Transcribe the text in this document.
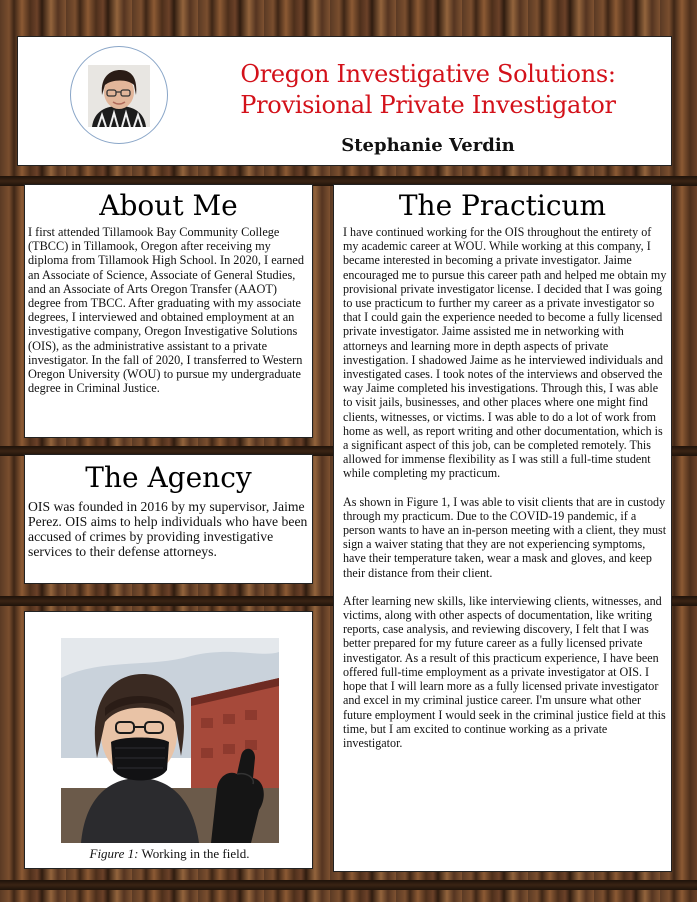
Oregon Investigative Solutions:
Provisional Private Investigator
Stephanie Verdin
About Me

I first attended Tillamook Bay Community College (TBCC) in Tillamook, Oregon after receiving my diploma from Tillamook High School. In 2020, I earned an Associate of Science, Associate of General Studies, and an Associate of Arts Oregon Transfer (AAOT) degree from TBCC. After graduating with my associate degrees, I interviewed and obtained employment at an investigative company, Oregon Investigative Solutions (OIS), as the administrative assistant to a private investigator. In the fall of 2020, I transferred to Western Oregon University (WOU) to pursue my undergraduate degree in Criminal Justice.

The Agency

OIS was founded in 2016 by my supervisor, Jaime Perez. OIS aims to help individuals who have been accused of crimes by providing investigative services to their defense attorneys.

Figure 1: Working in the field.
The Practicum

I have continued working for the OIS throughout the entirety of my academic career at WOU. While working at this company, I became interested in becoming a private investigator. Jaime encouraged me to pursue this career path and helped me obtain my provisional private investigator license. I decided that I was going to use practicum to further my career as a private investigator so that I could gain the experience needed to become a fully licensed private investigator. Jaime assisted me in networking with attorneys and learning more in depth aspects of private investigation. I shadowed Jaime as he interviewed individuals and investigated cases. I took notes of the interviews and observed the way Jaime completed his investigations. Through this, I was able to visit jails, businesses, and other places where one might find clients, witnesses, or victims. I was able to do a lot of work from home as well, as report writing and other documentation, which is a significant aspect of this job, can be completed remotely. This allowed for immense flexibility as I was still a full-time student while completing my practicum.

As shown in Figure 1, I was able to visit clients that are in custody through my practicum. Due to the COVID-19 pandemic, if a person wants to have an in-person meeting with a client, they must sign a waiver stating that they are not experiencing symptoms, have their temperature taken, wear a mask and gloves, and keep their distance from their client.

After learning new skills, like interviewing clients, witnesses, and victims, along with other aspects of documentation, like writing reports, case analysis, and reviewing discovery, I felt that I was better prepared for my future career as a fully licensed private investigator. As a result of this practicum experience, I have been offered full-time employment as a private investigator at OIS. I hope that I will learn more as a fully licensed private investigator and excel in my criminal justice career. I'm unsure what other future employment I would seek in the criminal justice field at this time, but I am excited to continue working as a private investigator.
